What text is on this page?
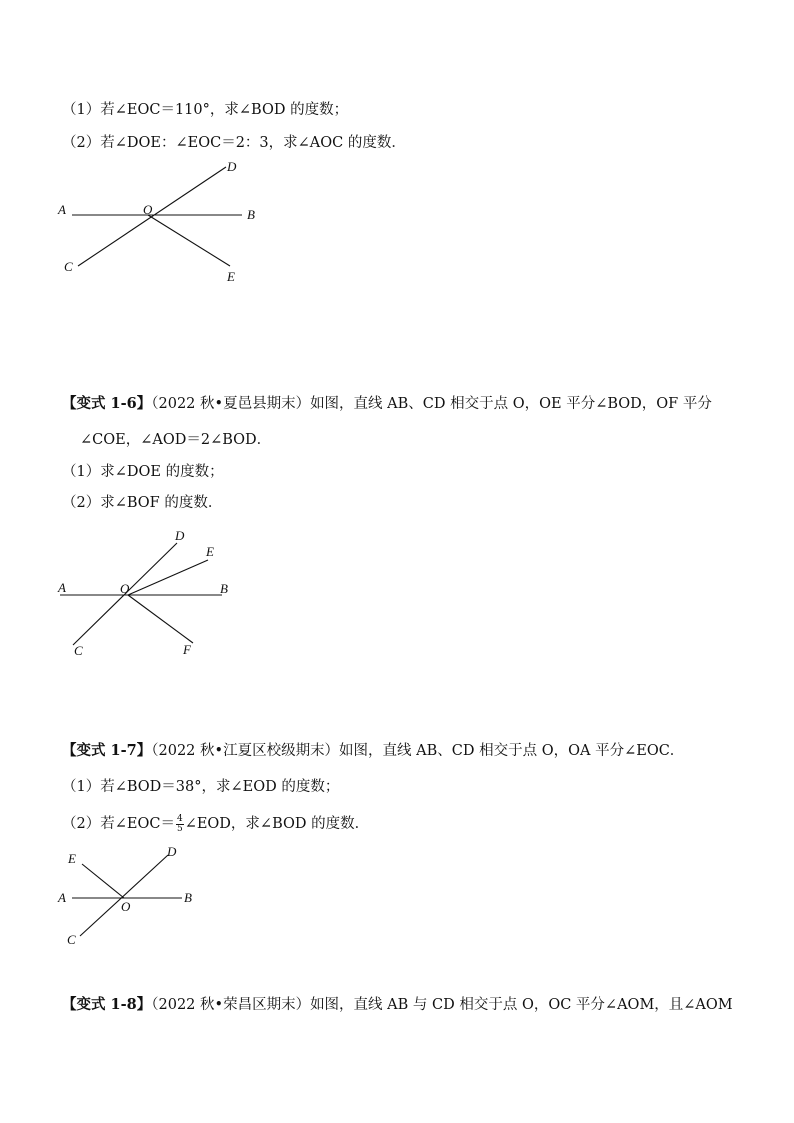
（1）若∠EOC＝110°，求∠BOD 的度数；
（2）若∠DOE：∠EOC＝2：3，求∠AOC 的度数．
D
A	O	B
C
E
【变式 1-6】（2022 秋•夏邑县期末）如图，直线 AB、CD 相交于点 O，OE 平分∠BOD，OF 平分
∠COE，∠AOD＝2∠BOD．
（1）求∠DOE 的度数；
（2）求∠BOF 的度数．
D
E
A	O	B
C	F
【变式 1-7】（2022 秋•江夏区校级期末）如图，直线 AB、CD 相交于点 O，OA 平分∠EOC．
（1）若∠BOD＝38°，求∠EOD 的度数；
（2）若∠EOC＝ $\frac{4}{5}$ ∠EOD，求∠BOD 的度数．
D
E
A
O
B
C
【变式 1-8】（2022 秋•荣昌区期末）如图，直线 AB 与 CD 相交于点 O，OC 平分∠AOM，且∠AOM
